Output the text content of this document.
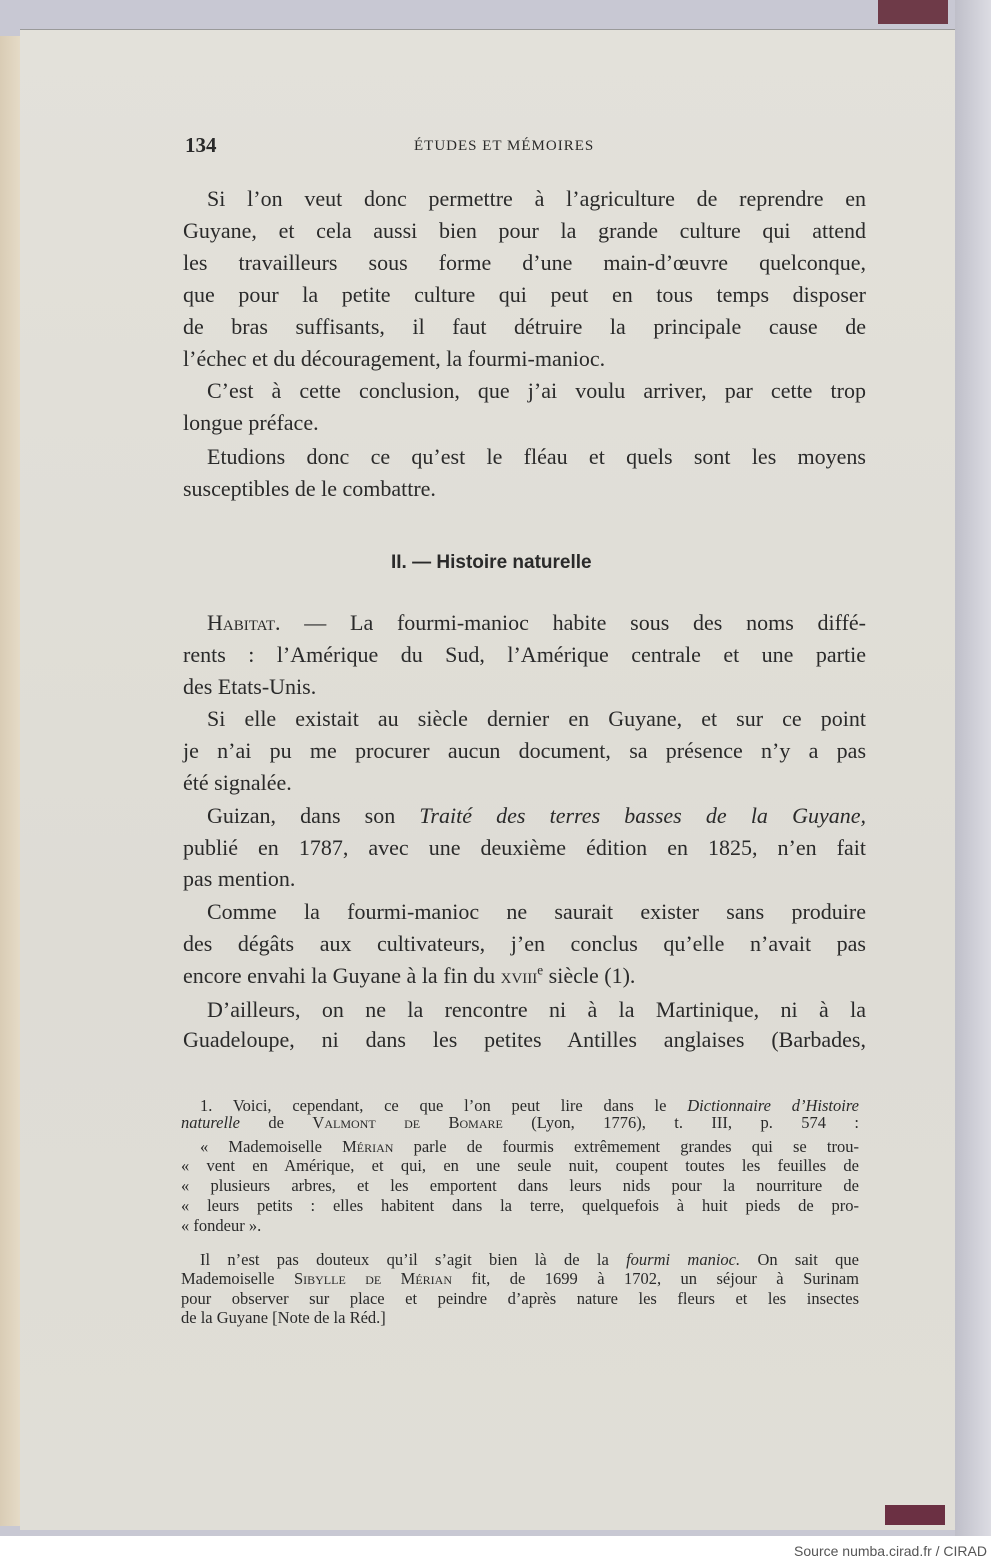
134	ÉTUDES ET MÉMOIRES
II. — Histoire naturelle
Si l’on veut donc permettre à l’agriculture de reprendre en
Guyane, et cela aussi bien pour la grande culture qui attend
les travailleurs sous forme d’une main-d’œuvre quelconque,
que pour la petite culture qui peut en tous temps disposer
de bras suffisants, il faut détruire la principale cause de
l’échec et du découragement, la fourmi-manioc.
C’est à cette conclusion, que j’ai voulu arriver, par cette trop
longue préface.
Etudions donc ce qu’est le fléau et quels sont les moyens
susceptibles de le combattre.
Habitat. — La fourmi-manioc habite sous des noms diffé-
rents : l’Amérique du Sud, l’Amérique centrale et une partie
des Etats-Unis.
Si elle existait au siècle dernier en Guyane, et sur ce point
je n’ai pu me procurer aucun document, sa présence n’y a pas
été signalée.
Guizan, dans son Traité des terres basses de la Guyane,
publié en 1787, avec une deuxième édition en 1825, n’en fait
pas mention.
Comme la fourmi-manioc ne saurait exister sans produire
des dégâts aux cultivateurs, j’en conclus qu’elle n’avait pas
encore envahi la Guyane à la fin du xviii$^e$ siècle (1).
D’ailleurs, on ne la rencontre ni à la Martinique, ni à la
Guadeloupe, ni dans les petites Antilles anglaises (Barbades,
1. Voici, cependant, ce que l’on peut lire dans le Dictionnaire d’Histoire
naturelle de Valmont de Bomare (Lyon, 1776), t. III, p. 574 :
« Mademoiselle Mérian parle de fourmis extrêmement grandes qui se trou-
« vent en Amérique, et qui, en une seule nuit, coupent toutes les feuilles de
« plusieurs arbres, et les emportent dans leurs nids pour la nourriture de
« leurs petits : elles habitent dans la terre, quelquefois à huit pieds de pro-
« fondeur ».
Il n’est pas douteux qu’il s’agit bien là de la fourmi manioc. On sait que
Mademoiselle Sibylle de Mérian fit, de 1699 à 1702, un séjour à Surinam
pour observer sur place et peindre d’après nature les fleurs et les insectes
de la Guyane [Note de la Réd.]
Source numba.cirad.fr / CIRAD
